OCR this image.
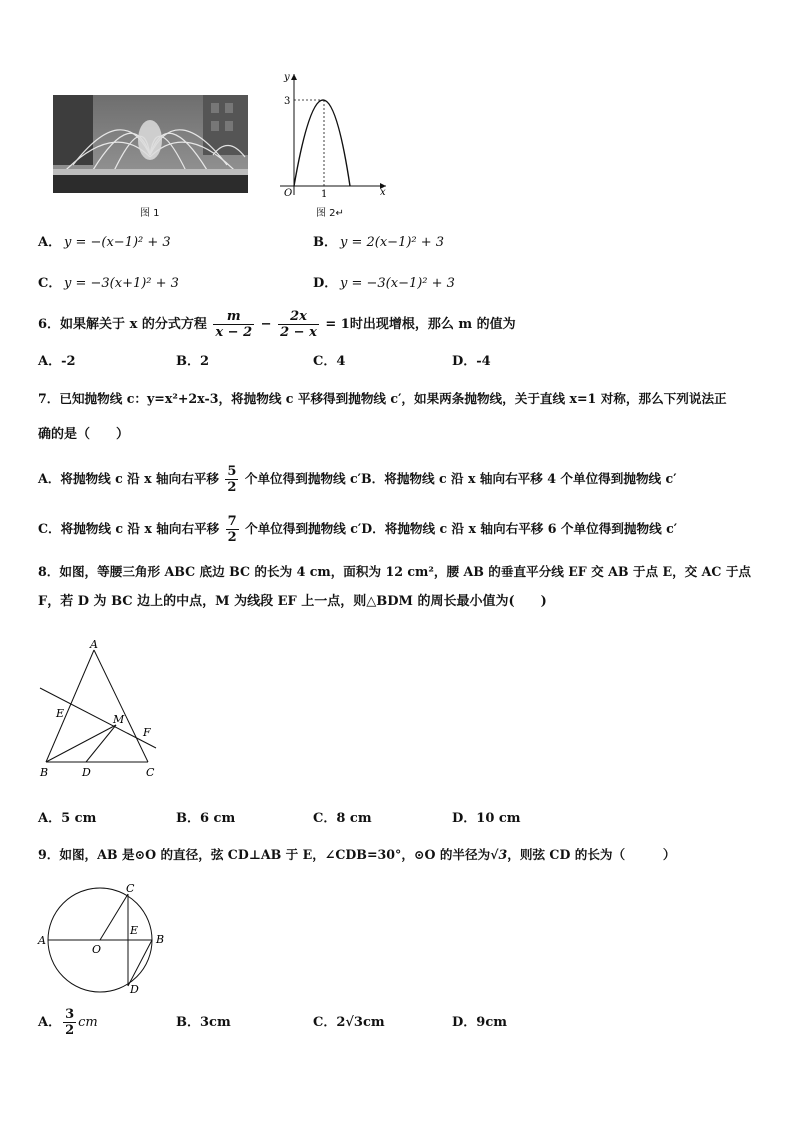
图 1
y
x
O
3
1
图 2↵
A． y = −(x−1)² + 3	B． y = 2(x−1)² + 3
C． y = −3(x+1)² + 3	D． y = −3(x−1)² + 3
6．如果解关于 x 的分式方程 $\frac{m}{x - 2} - \frac{2x}{2 - x} = 1$时出现增根，那么 m 的值为
A．-2	B．2	C．4	D．-4
7．已知抛物线 c：y=x²+2x-3，将抛物线 c 平移得到抛物线 c′，如果两条抛物线，关于直线 x=1 对称，那么下列说法正
确的是（　　）
A．将抛物线 c 沿 x 轴向右平移 $\frac{5}{2}$ 个单位得到抛物线 c′B．将抛物线 c 沿 x 轴向右平移 4 个单位得到抛物线 c′
C．将抛物线 c 沿 x 轴向右平移 $\frac{7}{2}$ 个单位得到抛物线 c′D．将抛物线 c 沿 x 轴向右平移 6 个单位得到抛物线 c′
8．如图，等腰三角形 ABC 底边 BC 的长为 4 cm，面积为 12 cm²，腰 AB 的垂直平分线 EF 交 AB 于点 E，交 AC 于点
F，若 D 为 BC 边上的中点，M 为线段 EF 上一点，则△BDM 的周长最小值为(　　)
A
E	M
F
B	D	C
A．5 cm	B．6 cm	C．8 cm	D．10 cm
9．如图，AB 是⊙O 的直径，弦 CD⊥AB 于 E，∠CDB=30°，⊙O 的半径为√3，则弦 CD 的长为（　　　）
A	B
C
D
E
O
A． $\frac{3}{2}$ cm	B．3cm	C．2√3cm	D．9cm
